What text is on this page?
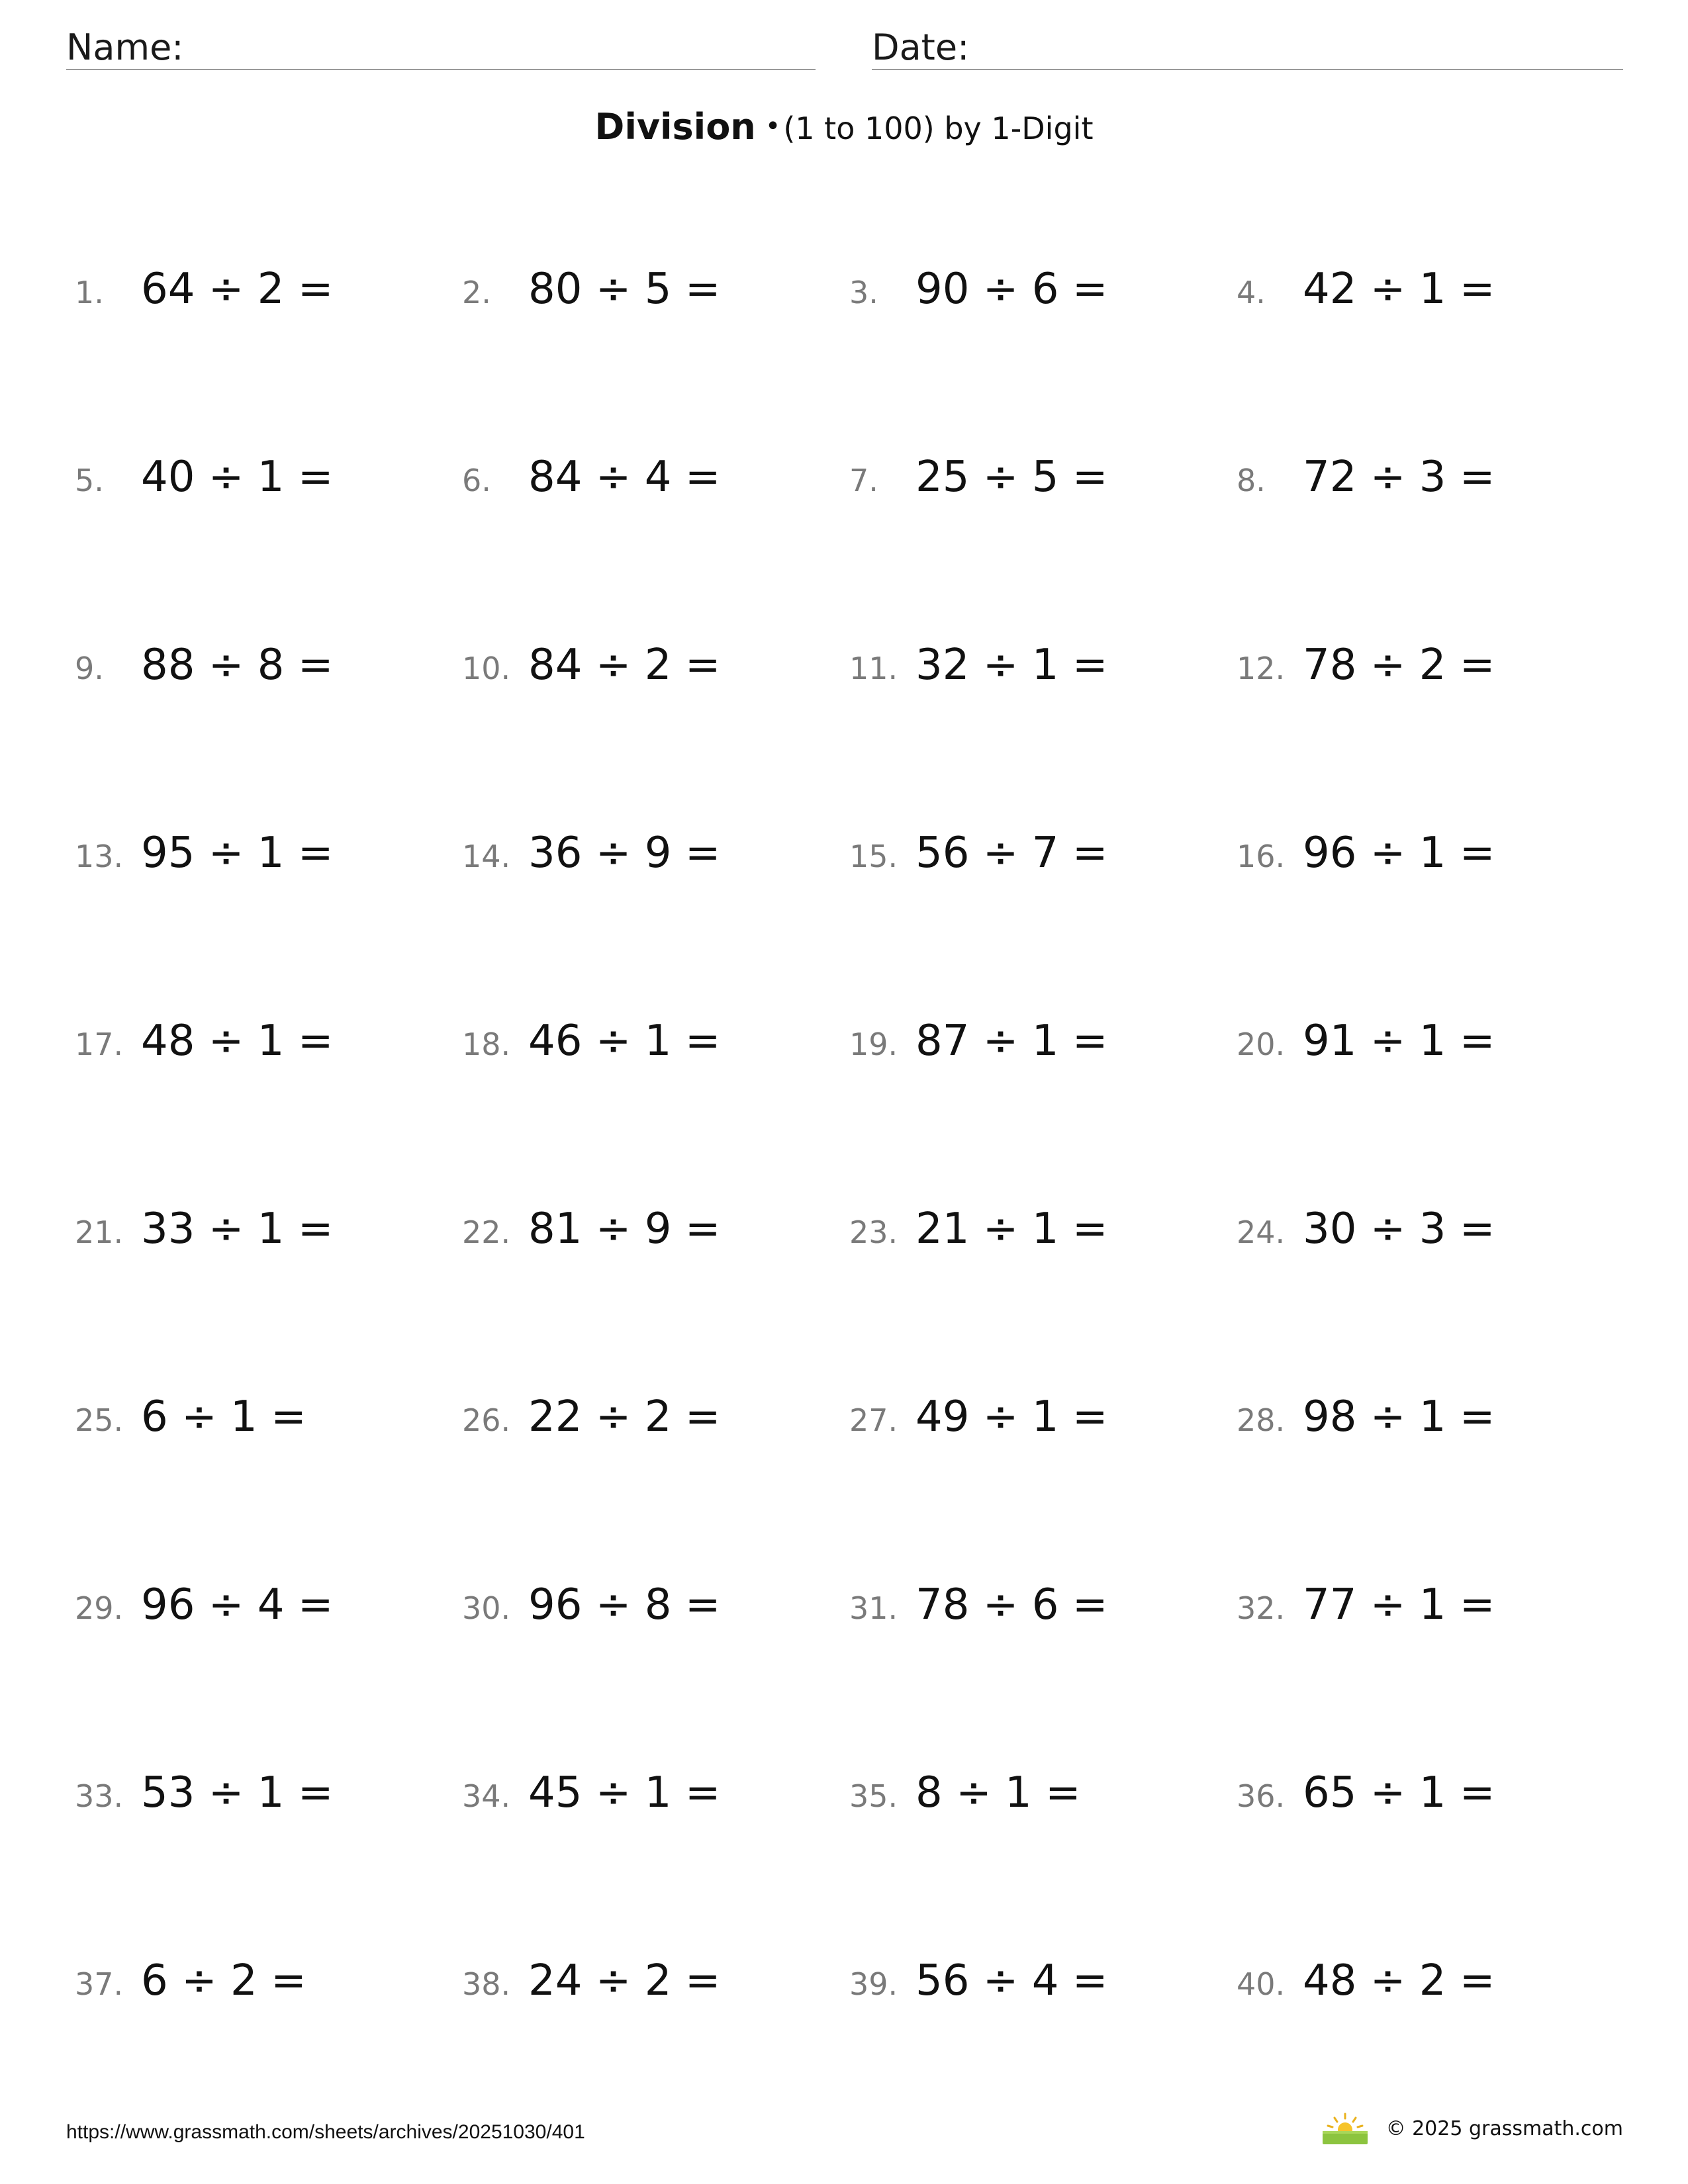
Name:	Date:
Division •(1 to 100) by 1-Digit
1. 64 ÷ 2 =	2. 80 ÷ 5 =	3. 90 ÷ 6 =	4. 42 ÷ 1 =
5. 40 ÷ 1 =	6. 84 ÷ 4 =	7. 25 ÷ 5 =	8. 72 ÷ 3 =
9. 88 ÷ 8 =	10. 84 ÷ 2 =	11. 32 ÷ 1 =	12. 78 ÷ 2 =
13. 95 ÷ 1 =	14. 36 ÷ 9 =	15. 56 ÷ 7 =	16. 96 ÷ 1 =
17. 48 ÷ 1 =	18. 46 ÷ 1 =	19. 87 ÷ 1 =	20. 91 ÷ 1 =
21. 33 ÷ 1 =	22. 81 ÷ 9 =	23. 21 ÷ 1 =	24. 30 ÷ 3 =
25. 6 ÷ 1 =	26. 22 ÷ 2 =	27. 49 ÷ 1 =	28. 98 ÷ 1 =
29. 96 ÷ 4 =	30. 96 ÷ 8 =	31. 78 ÷ 6 =	32. 77 ÷ 1 =
33. 53 ÷ 1 =	34. 45 ÷ 1 =	35. 8 ÷ 1 =	36. 65 ÷ 1 =
37. 6 ÷ 2 =	38. 24 ÷ 2 =	39. 56 ÷ 4 =	40. 48 ÷ 2 =
https://www.grassmath.com/sheets/archives/20251030/401	© 2025 grassmath.com
